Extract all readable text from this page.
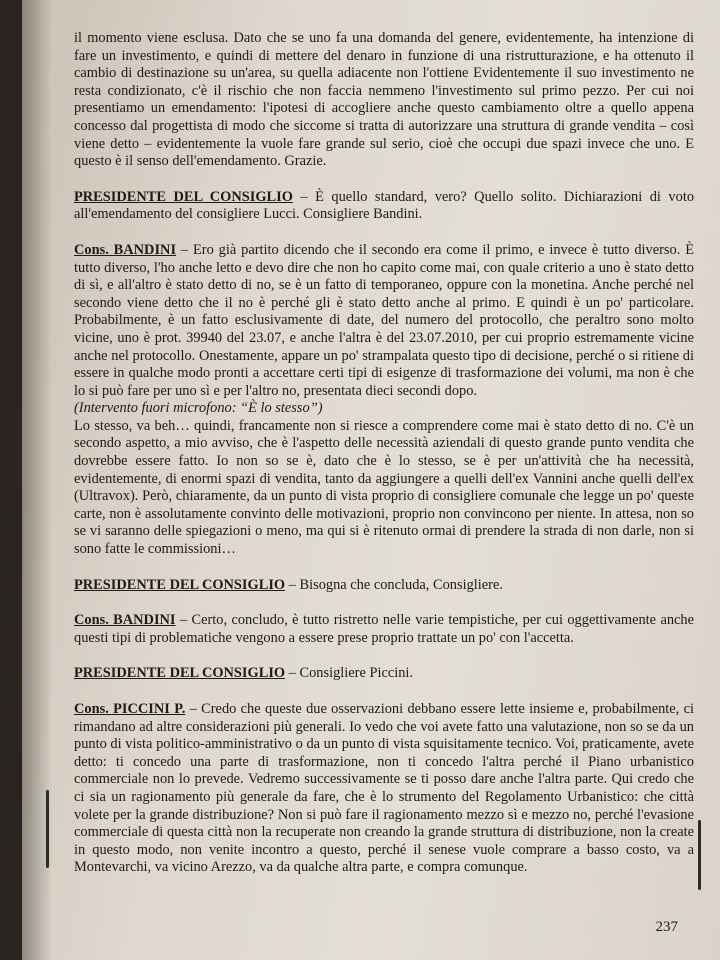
il momento viene esclusa. Dato che se uno fa una domanda del genere, evidentemente, ha intenzione di fare un investimento, e quindi di mettere del denaro in funzione di una ristrutturazione, e ha ottenuto il cambio di destinazione su un'area, su quella adiacente non l'ottiene Evidentemente il suo investimento ne resta condizionato, c'è il rischio che non faccia nemmeno l'investimento sul primo pezzo. Per cui noi presentiamo un emendamento: l'ipotesi di accogliere anche questo cambiamento oltre a quello appena concesso dal progettista di modo che siccome si tratta di autorizzare una struttura di grande vendita – così viene detto – evidentemente la vuole fare grande sul serio, cioè che occupi due spazi invece che uno. E questo è il senso dell'emendamento. Grazie.

PRESIDENTE DEL CONSIGLIO – È quello standard, vero? Quello solito. Dichiarazioni di voto all'emendamento del consigliere Lucci. Consigliere Bandini.

Cons. BANDINI – Ero già partito dicendo che il secondo era come il primo, e invece è tutto diverso. È tutto diverso, l'ho anche letto e devo dire che non ho capito come mai, con quale criterio a uno è stato detto di sì, e all'altro è stato detto di no, se è un fatto di temporaneo, oppure con la monetina. Anche perché nel secondo viene detto che il no è perché gli è stato detto anche al primo. E quindi è un po' particolare. Probabilmente, è un fatto esclusivamente di date, del numero del protocollo, che peraltro sono molto vicine, uno è prot. 39940 del 23.07, e anche l'altra è del 23.07.2010, per cui proprio estremamente vicine anche nel protocollo. Onestamente, appare un po' strampalata questo tipo di decisione, perché o si ritiene di essere in qualche modo pronti a accettare certi tipi di esigenze di trasformazione dei volumi, ma non è che lo si può fare per uno sì e per l'altro no, presentata dieci secondi dopo.

(Intervento fuori microfono: “È lo stesso”)

Lo stesso, va beh… quindi, francamente non si riesce a comprendere come mai è stato detto di no. C'è un secondo aspetto, a mio avviso, che è l'aspetto delle necessità aziendali di questo grande punto vendita che dovrebbe essere fatto. Io non so se è, dato che è lo stesso, se è per un'attività che ha necessità, evidentemente, di enormi spazi di vendita, tanto da aggiungere a quelli dell'ex Vannini anche quelli dell'ex (Ultravox). Però, chiaramente, da un punto di vista proprio di consigliere comunale che legge un po' queste carte, non è assolutamente convinto delle motivazioni, proprio non convincono per niente. In attesa, non so se vi saranno delle spiegazioni o meno, ma qui si è ritenuto ormai di prendere la strada di non darle, non si sono fatte le commissioni…

PRESIDENTE DEL CONSIGLIO – Bisogna che concluda, Consigliere.

Cons. BANDINI – Certo, concludo, è tutto ristretto nelle varie tempistiche, per cui oggettivamente anche questi tipi di problematiche vengono a essere prese proprio trattate un po' con l'accetta.

PRESIDENTE DEL CONSIGLIO – Consigliere Piccini.

Cons. PICCINI P. – Credo che queste due osservazioni debbano essere lette insieme e, probabilmente, ci rimandano ad altre considerazioni più generali. Io vedo che voi avete fatto una valutazione, non so se da un punto di vista politico-amministrativo o da un punto di vista squisitamente tecnico. Voi, praticamente, avete detto: ti concedo una parte di trasformazione, non ti concedo l'altra perché il Piano urbanistico commerciale non lo prevede. Vedremo successivamente se ti posso dare anche l'altra parte. Qui credo che ci sia un ragionamento più generale da fare, che è lo strumento del Regolamento Urbanistico: che città volete per la grande distribuzione? Non si può fare il ragionamento mezzo sì e mezzo no, perché l'evasione commerciale di questa città non la recuperate non creando la grande struttura di distribuzione, non la create in questo modo, non venite incontro a questo, perché il senese vuole comprare a basso costo, va a Montevarchi, va vicino Arezzo, va da qualche altra parte, e compra comunque.

237
